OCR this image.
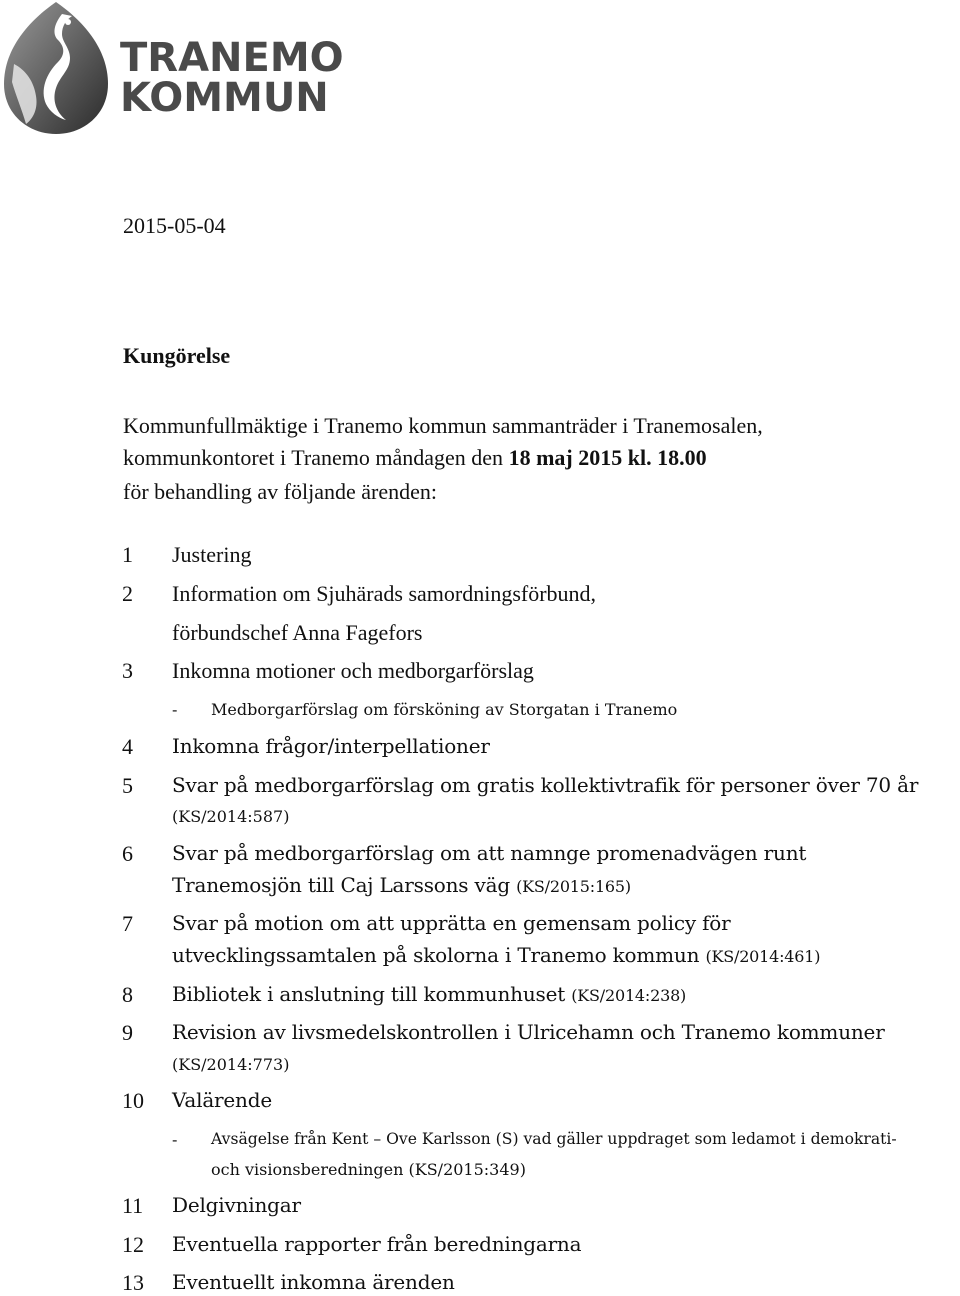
TRANEMO
KOMMUN
2015-05-04
Kungörelse
Kommunfullmäktige i Tranemo kommun sammanträder i Tranemosalen,
kommunkontoret i Tranemo måndagen den 18 maj 2015 kl. 18.00
för behandling av följande ärenden:
1 Justering
2 Information om Sjuhärads samordningsförbund,
förbundschef Anna Fagefors
3 Inkomna motioner och medborgarförslag
- Medborgarförslag om försköning av Storgatan i Tranemo
4 Inkomna frågor/interpellationer
5 Svar på medborgarförslag om gratis kollektivtrafik för personer över 70 år
(KS/2014:587)
6 Svar på medborgarförslag om att namnge promenadvägen runt
Tranemosjön till Caj Larssons väg (KS/2015:165)
7 Svar på motion om att upprätta en gemensam policy för
utvecklingssamtalen på skolorna i Tranemo kommun (KS/2014:461)
8 Bibliotek i anslutning till kommunhuset (KS/2014:238)
9 Revision av livsmedelskontrollen i Ulricehamn och Tranemo kommuner
(KS/2014:773)
10 Valärende
- Avsägelse från Kent – Ove Karlsson (S) vad gäller uppdraget som ledamot i demokrati-
och visionsberedningen (KS/2015:349)
11 Delgivningar
12 Eventuella rapporter från beredningarna
13 Eventuellt inkomna ärenden
